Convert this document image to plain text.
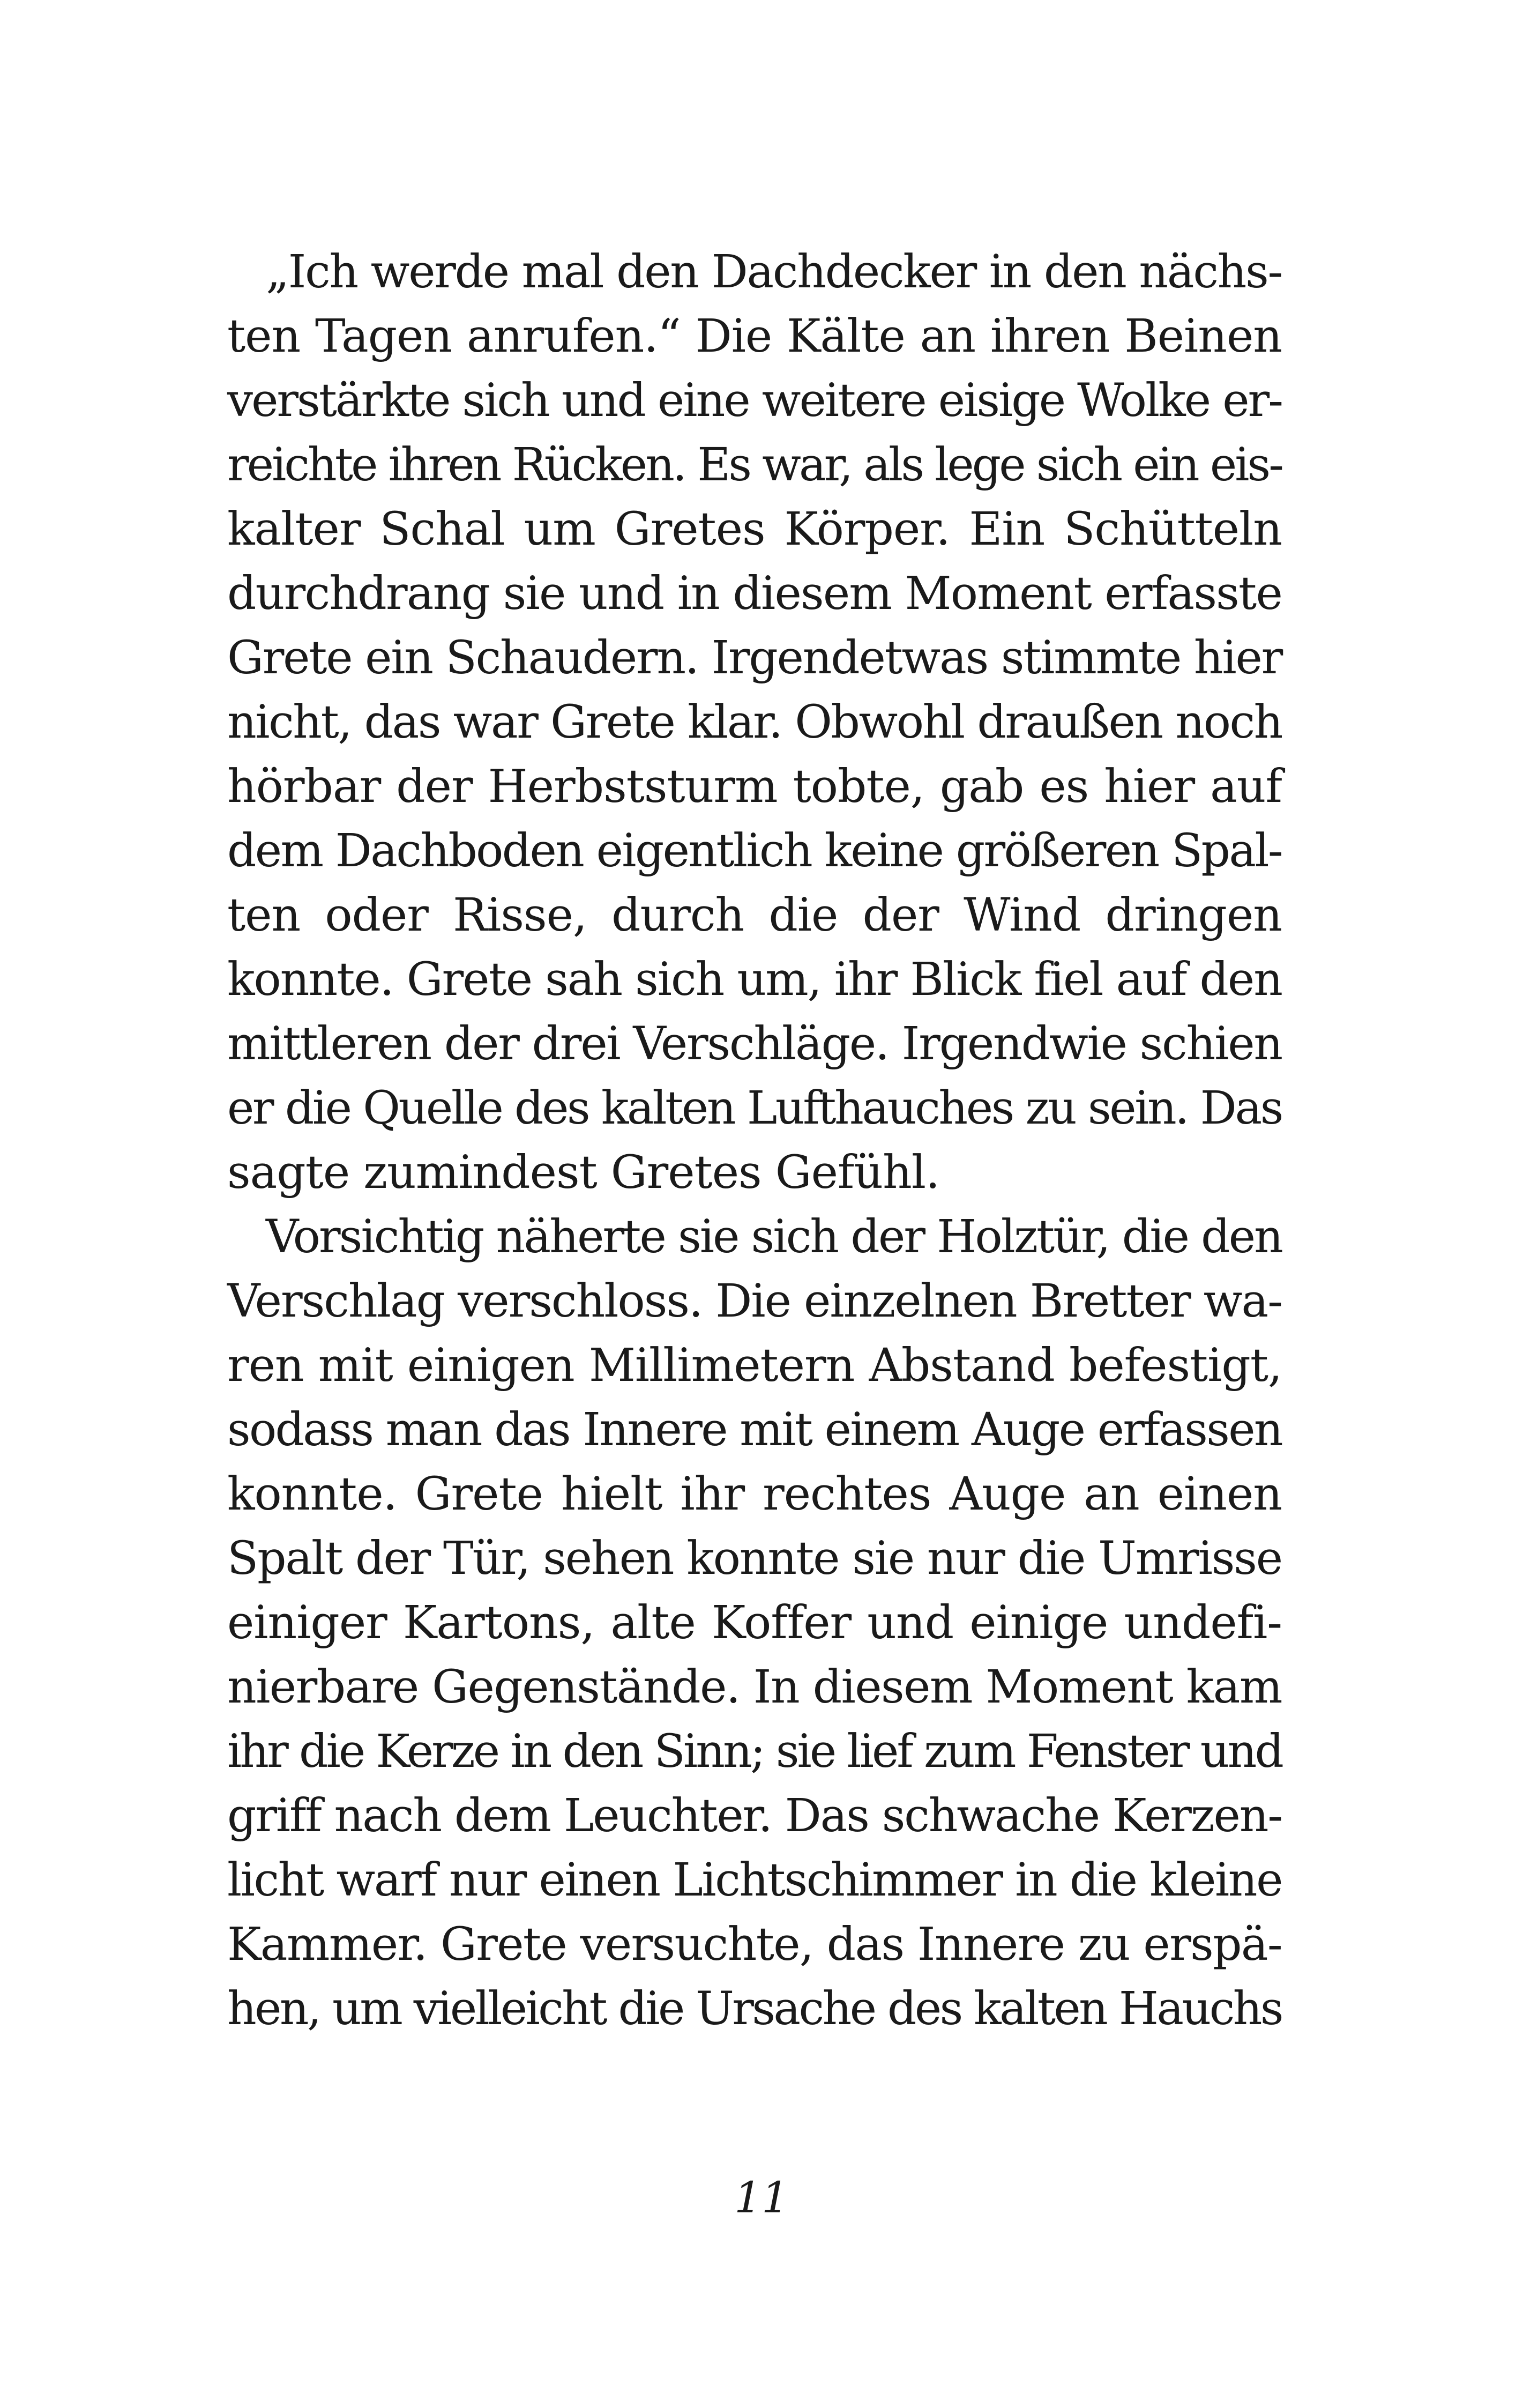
„Ich werde mal den Dachdecker in den nächs-
ten Tagen anrufen.“ Die Kälte an ihren Beinen
verstärkte sich und eine weitere eisige Wolke er-
reichte ihren Rücken. Es war, als lege sich ein eis-
kalter Schal um Gretes Körper. Ein Schütteln
durchdrang sie und in diesem Moment erfasste
Grete ein Schaudern. Irgendetwas stimmte hier
nicht, das war Grete klar. Obwohl draußen noch
hörbar der Herbststurm tobte, gab es hier auf
dem Dachboden eigentlich keine größeren Spal-
ten oder Risse, durch die der Wind dringen
konnte. Grete sah sich um, ihr Blick fiel auf den
mittleren der drei Verschläge. Irgendwie schien
er die Quelle des kalten Lufthauches zu sein. Das
sagte zumindest Gretes Gefühl.
Vorsichtig näherte sie sich der Holztür, die den
Verschlag verschloss. Die einzelnen Bretter wa-
ren mit einigen Millimetern Abstand befestigt,
sodass man das Innere mit einem Auge erfassen
konnte. Grete hielt ihr rechtes Auge an einen
Spalt der Tür, sehen konnte sie nur die Umrisse
einiger Kartons, alte Koffer und einige undefi-
nierbare Gegenstände. In diesem Moment kam
ihr die Kerze in den Sinn; sie lief zum Fenster und
griff nach dem Leuchter. Das schwache Kerzen-
licht warf nur einen Lichtschimmer in die kleine
Kammer. Grete versuchte, das Innere zu erspä-
hen, um vielleicht die Ursache des kalten Hauchs
11
